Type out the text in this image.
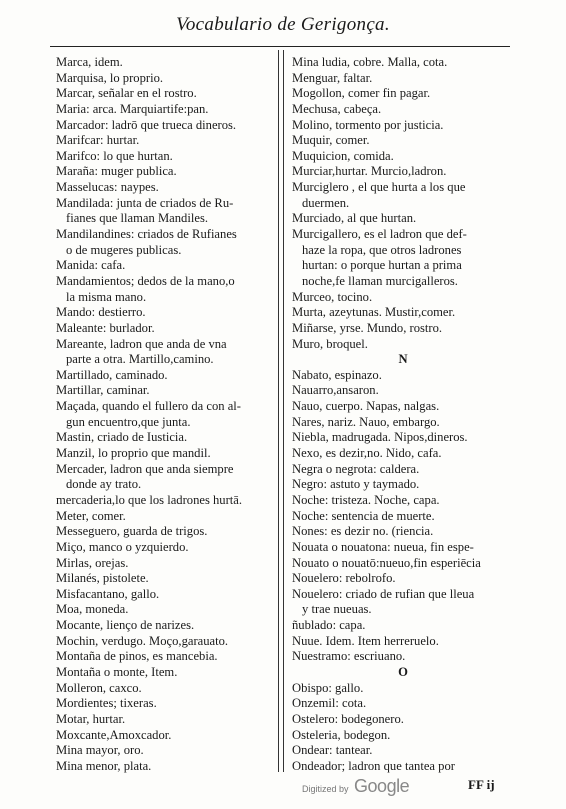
Vocabulario de Gerigonça.
Marca, idem.
Marquisa, lo proprio.
Marcar, señalar en el rostro.
Maria: arca. Marquiartife:pan.
Marcador: ladrō que trueca dineros.
Marifcar: hurtar.
Marifco: lo que hurtan.
Maraña: muger publica.
Masselucas: naypes.
Mandilada: junta de criados de Ru-
fianes que llaman Mandiles.
Mandilandines: criados de Rufianes
o de mugeres publicas.
Manida: cafa.
Mandamientos; dedos de la mano,o
la misma mano.
Mando: destierro.
Maleante: burlador.
Mareante, ladron que anda de vna
parte a otra. Martillo,camino.
Martillado, caminado.
Martillar, caminar.
Maçada, quando el fullero da con al-
gun encuentro,que junta.
Mastin, criado de Iusticia.
Manzil, lo proprio que mandil.
Mercader, ladron que anda siempre
donde ay trato.
mercaderia,lo que los ladrones hurtā.
Meter, comer.
Messeguero, guarda de trigos.
Miço, manco o yzquierdo.
Mirlas, orejas.
Milanés, pistolete.
Misfacantano, gallo.
Moa, moneda.
Mocante, lienço de narizes.
Mochin, verdugo. Moço,garauato.
Montaña de pinos, es mancebia.
Montaña o monte, Item.
Molleron, caxco.
Mordientes; tixeras.
Motar, hurtar.
Moxcante,Amoxcador.
Mina mayor, oro.
Mina menor, plata.
Mina ludia, cobre. Malla, cota.
Menguar, faltar.
Mogollon, comer fin pagar.
Mechusa, cabeça.
Molino, tormento por justicia.
Muquir, comer.
Muquicion, comida.
Murciar,hurtar. Murcio,ladron.
Murciglero , el que hurta a los que
duermen.
Murciado, al que hurtan.
Murcigallero, es el ladron que def-
haze la ropa, que otros ladrones
hurtan: o porque hurtan a prima
noche,fe llaman murcigalleros.
Murceo, tocino.
Murta, azeytunas. Mustir,comer.
Miñarse, yrse. Mundo, rostro.
Muro, broquel.
N
Nabato, espinazo.
Nauarro,ansaron.
Nauo, cuerpo. Napas, nalgas.
Nares, nariz. Nauo, embargo.
Niebla, madrugada. Nipos,dineros.
Nexo, es dezir,no. Nido, cafa.
Negra o negrota: caldera.
Negro: astuto y taymado.
Noche: tristeza. Noche, capa.
Noche: sentencia de muerte.
Nones: es dezir no. (riencia.
Nouata o nouatona: nueua, fin espe-
Nouato o nouatō:nueuo,fin esperiēcia
Nouelero: rebolrofo.
Nouelero: criado de rufian que lleua
y trae nueuas.
ñublado: capa.
Nuue. Idem. Item herreruelo.
Nuestramo: escriuano.
O
Obispo: gallo.
Onzemil: cota.
Ostelero: bodegonero.
Osteleria, bodegon.
Ondear: tantear.
Ondeador; ladron que tantea por
Digitized by Google	FF ij
